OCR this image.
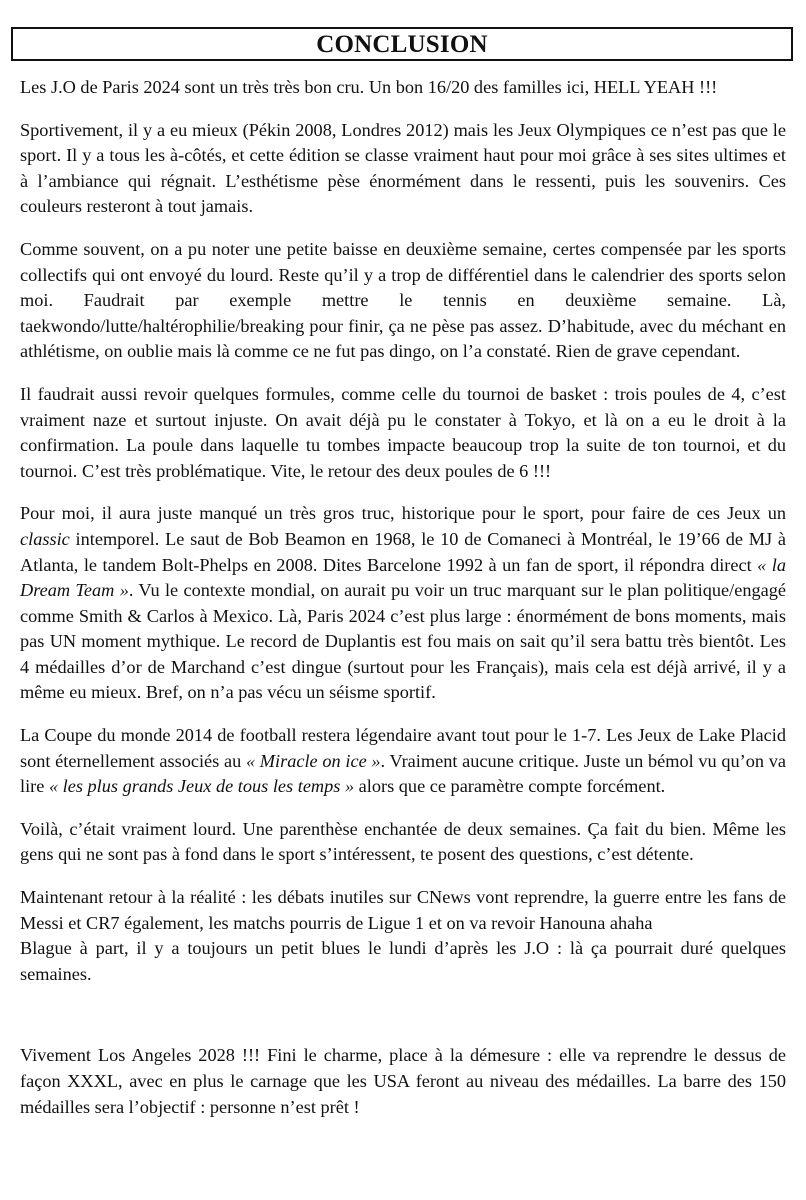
CONCLUSION

Les J.O de Paris 2024 sont un très très bon cru. Un bon 16/20 des familles ici, HELL YEAH !!!

Sportivement, il y a eu mieux (Pékin 2008, Londres 2012) mais les Jeux Olympiques ce n’est pas que le sport. Il y a tous les à-côtés, et cette édition se classe vraiment haut pour moi grâce à ses sites ultimes et à l’ambiance qui régnait. L’esthétisme pèse énormément dans le ressenti, puis les souvenirs. Ces couleurs resteront à tout jamais.

Comme souvent, on a pu noter une petite baisse en deuxième semaine, certes compensée par les sports collectifs qui ont envoyé du lourd. Reste qu’il y a trop de différentiel dans le calendrier des sports selon moi. Faudrait par exemple mettre le tennis en deuxième semaine. Là, taekwondo/lutte/haltérophilie/breaking pour finir, ça ne pèse pas assez. D’habitude, avec du méchant en athlétisme, on oublie mais là comme ce ne fut pas dingo, on l’a constaté. Rien de grave cependant.

Il faudrait aussi revoir quelques formules, comme celle du tournoi de basket : trois poules de 4, c’est vraiment naze et surtout injuste. On avait déjà pu le constater à Tokyo, et là on a eu le droit à la confirmation. La poule dans laquelle tu tombes impacte beaucoup trop la suite de ton tournoi, et du tournoi. C’est très problématique. Vite, le retour des deux poules de 6 !!!

Pour moi, il aura juste manqué un très gros truc, historique pour le sport, pour faire de ces Jeux un classic intemporel. Le saut de Bob Beamon en 1968, le 10 de Comaneci à Montréal, le 19’66 de MJ à Atlanta, le tandem Bolt-Phelps en 2008. Dites Barcelone 1992 à un fan de sport, il répondra direct « la Dream Team ». Vu le contexte mondial, on aurait pu voir un truc marquant sur le plan politique/engagé comme Smith & Carlos à Mexico. Là, Paris 2024 c’est plus large : énormément de bons moments, mais pas UN moment mythique. Le record de Duplantis est fou mais on sait qu’il sera battu très bientôt. Les 4 médailles d’or de Marchand c’est dingue (surtout pour les Français), mais cela est déjà arrivé, il y a même eu mieux. Bref, on n’a pas vécu un séisme sportif.

La Coupe du monde 2014 de football restera légendaire avant tout pour le 1-7. Les Jeux de Lake Placid sont éternellement associés au « Miracle on ice ». Vraiment aucune critique. Juste un bémol vu qu’on va lire « les plus grands Jeux de tous les temps » alors que ce paramètre compte forcément.

Voilà, c’était vraiment lourd. Une parenthèse enchantée de deux semaines. Ça fait du bien. Même les gens qui ne sont pas à fond dans le sport s’intéressent, te posent des questions, c’est détente.

Maintenant retour à la réalité : les débats inutiles sur CNews vont reprendre, la guerre entre les fans de Messi et CR7 également, les matchs pourris de Ligue 1 et on va revoir Hanouna ahaha
Blague à part, il y a toujours un petit blues le lundi d’après les J.O : là ça pourrait duré quelques semaines.

Vivement Los Angeles 2028 !!! Fini le charme, place à la démesure : elle va reprendre le dessus de façon XXXL, avec en plus le carnage que les USA feront au niveau des médailles. La barre des 150 médailles sera l’objectif : personne n’est prêt !
